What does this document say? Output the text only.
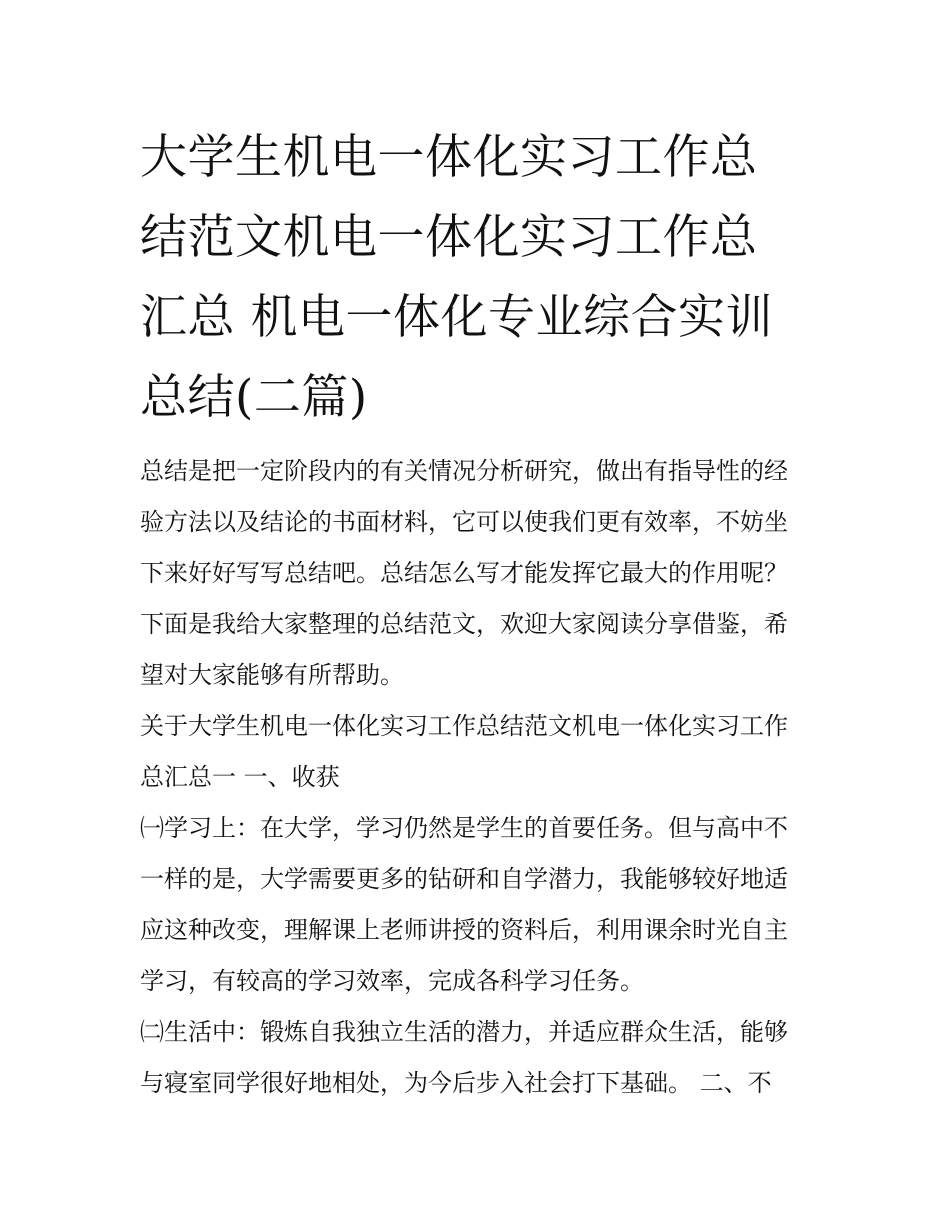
大学生机电一体化实习工作总
结范文机电一体化实习工作总
汇总 机电一体化专业综合实训
总结(二篇)

总结是把一定阶段内的有关情况分析研究，做出有指导性的经
验方法以及结论的书面材料，它可以使我们更有效率，不妨坐
下来好好写写总结吧。总结怎么写才能发挥它最大的作用呢？
下面是我给大家整理的总结范文，欢迎大家阅读分享借鉴，希
望对大家能够有所帮助。

关于大学生机电一体化实习工作总结范文机电一体化实习工作
总汇总一 一、收获

㈠学习上：在大学，学习仍然是学生的首要任务。但与高中不
一样的是，大学需要更多的钻研和自学潜力，我能够较好地适
应这种改变，理解课上老师讲授的资料后，利用课余时光自主
学习，有较高的学习效率，完成各科学习任务。

㈡生活中：锻炼自我独立生活的潜力，并适应群众生活，能够
与寝室同学很好地相处，为今后步入社会打下基础。 二、不
